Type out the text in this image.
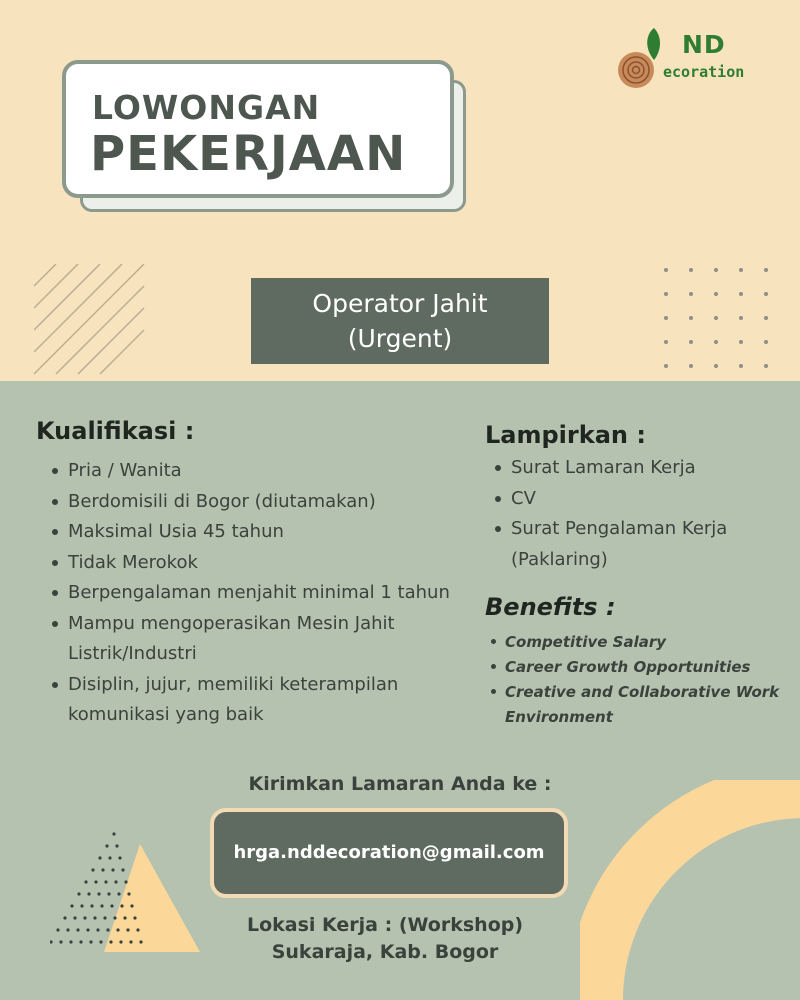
ND
ecoration
LOWONGAN
PEKERJAAN
Operator Jahit
(Urgent)
Kualifikasi :
Pria / Wanita
Berdomisili di Bogor (diutamakan)
Maksimal Usia 45 tahun
Tidak Merokok
Berpengalaman menjahit minimal 1 tahun
Mampu mengoperasikan Mesin Jahit Listrik/Industri
Disiplin, jujur, memiliki keterampilan komunikasi yang baik
Lampirkan :
Surat Lamaran Kerja
CV
Surat Pengalaman Kerja (Paklaring)
Benefits :
Competitive Salary
Career Growth Opportunities
Creative and Collaborative Work Environment
Kirimkan Lamaran Anda ke :
hrga.nddecoration@gmail.com
Lokasi Kerja : (Workshop)
Sukaraja, Kab. Bogor
